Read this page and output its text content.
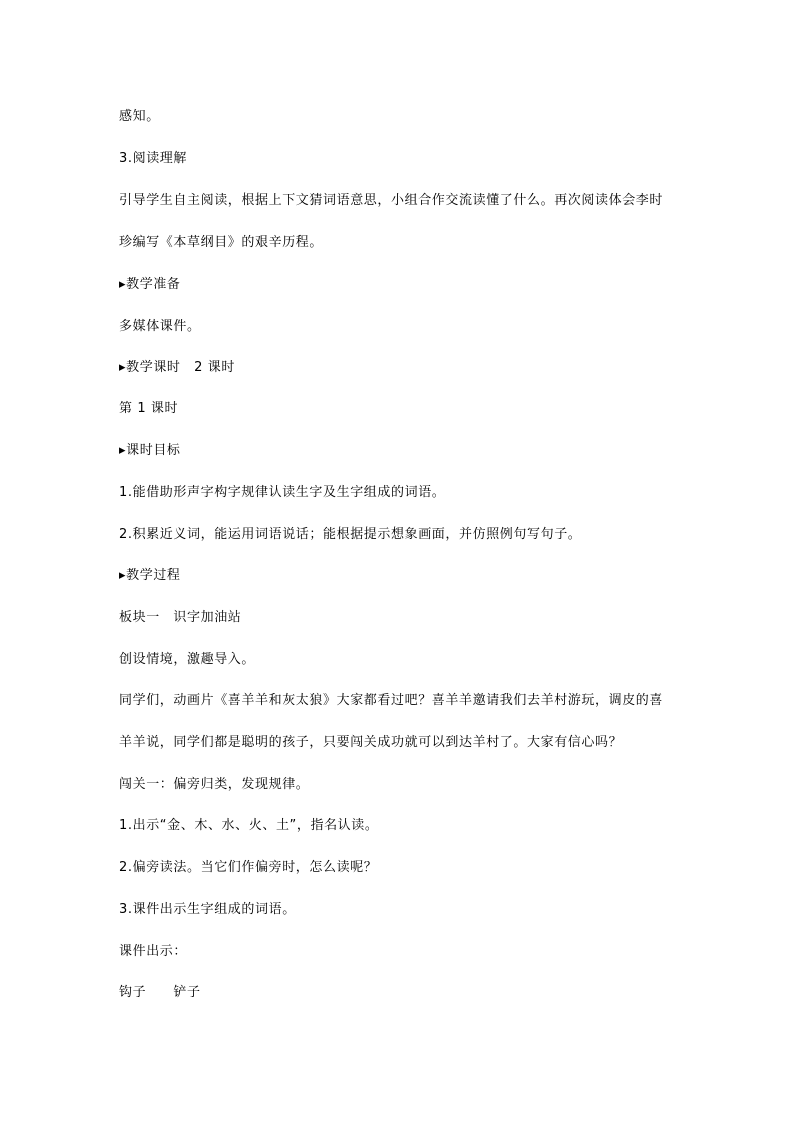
感知。
3.阅读理解
引导学生自主阅读，根据上下文猜词语意思，小组合作交流读懂了什么。再次阅读体会李时
珍编写《本草纲目》的艰辛历程。
▸教学准备
多媒体课件。
▸教学课时　2 课时
第 1 课时
▸课时目标
1.能借助形声字构字规律认读生字及生字组成的词语。
2.积累近义词，能运用词语说话；能根据提示想象画面，并仿照例句写句子。
▸教学过程
板块一　识字加油站
创设情境，激趣导入。
同学们，动画片《喜羊羊和灰太狼》大家都看过吧？喜羊羊邀请我们去羊村游玩，调皮的喜
羊羊说，同学们都是聪明的孩子，只要闯关成功就可以到达羊村了。大家有信心吗？
闯关一：偏旁归类，发现规律。
1.出示“金、木、水、火、土”，指名认读。
2.偏旁读法。当它们作偏旁时，怎么读呢？
3.课件出示生字组成的词语。
课件出示：
钩子　　铲子
